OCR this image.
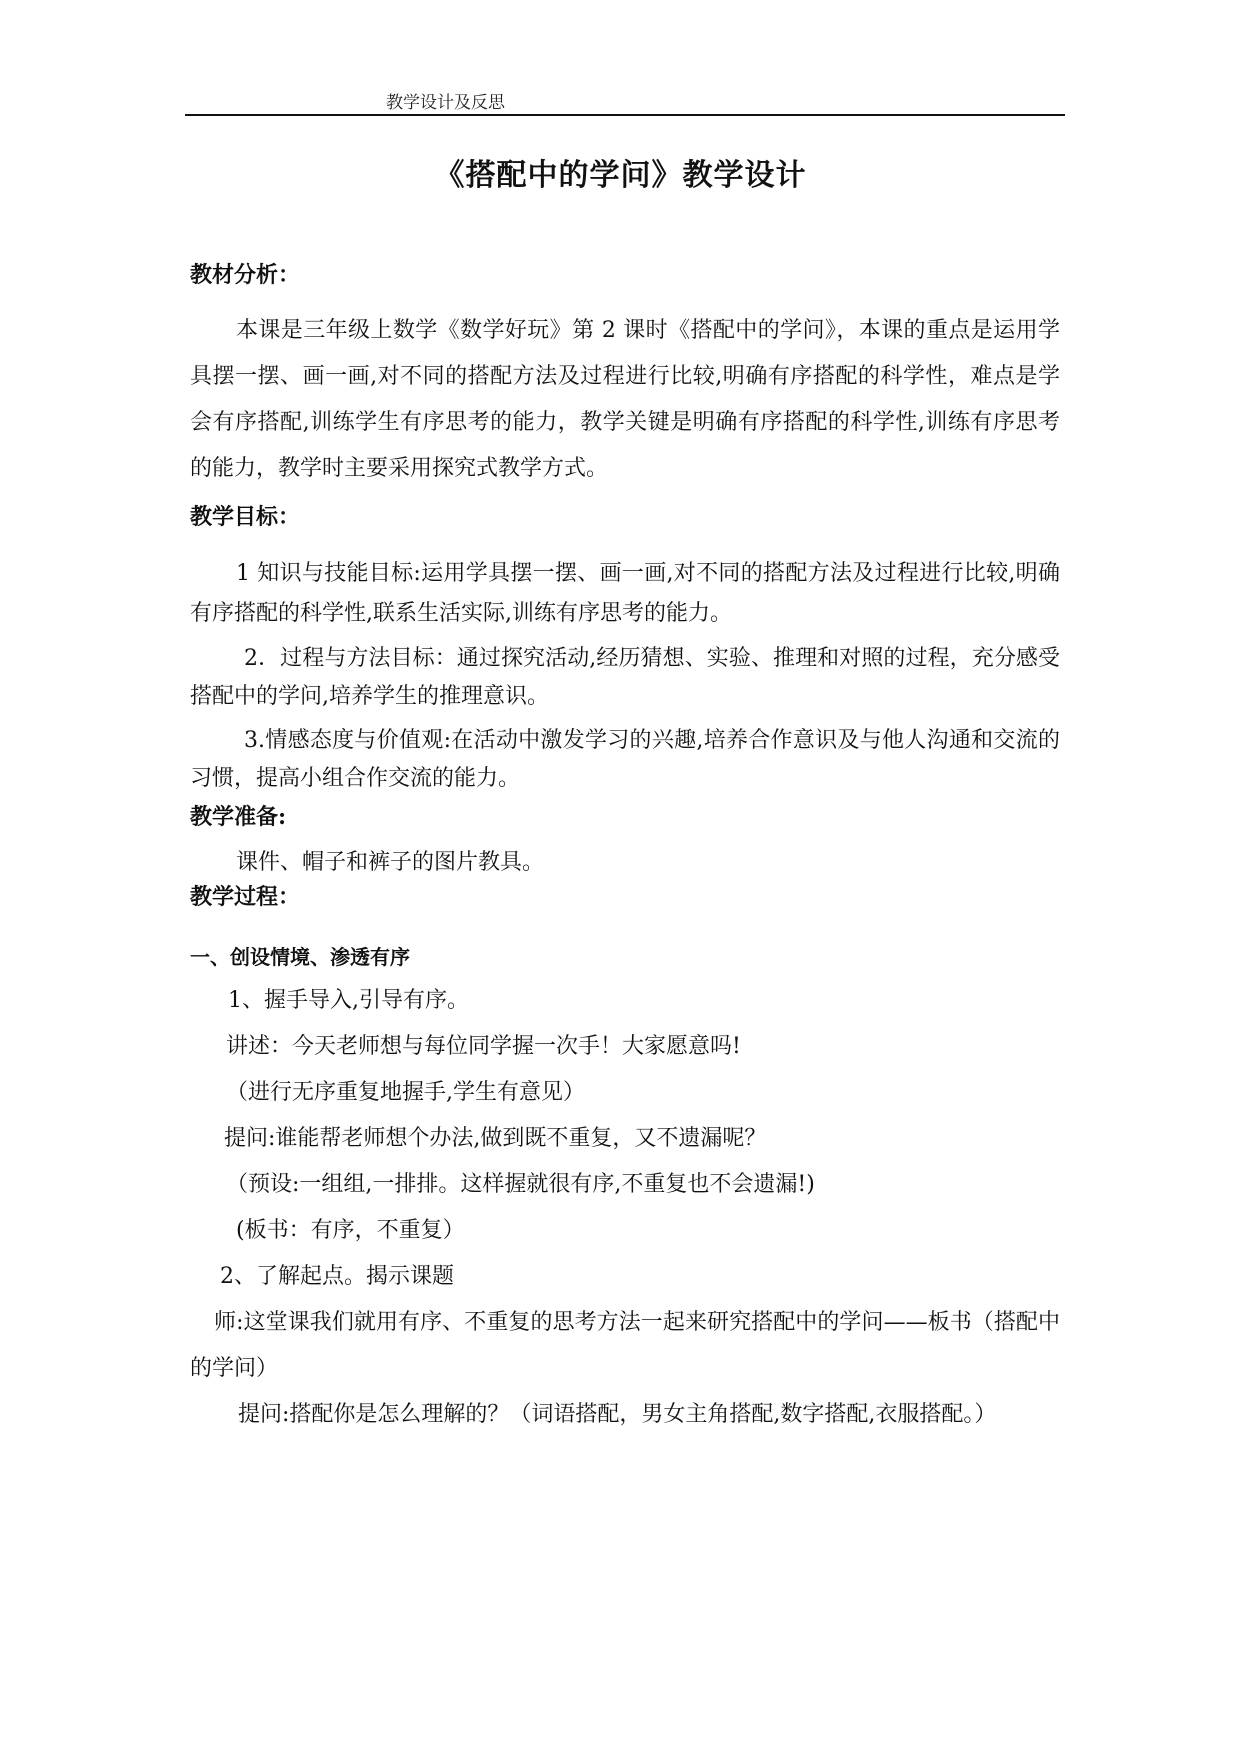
教学设计及反思
《搭配中的学问》教学设计
教材分析：
本课是三年级上数学《数学好玩》第 2 课时《搭配中的学问》，本课的重点是运用学具摆一摆、画一画,对不同的搭配方法及过程进行比较,明确有序搭配的科学性，难点是学会有序搭配,训练学生有序思考的能力，教学关键是明确有序搭配的科学性,训练有序思考的能力，教学时主要采用探究式教学方式。
教学目标：
1 知识与技能目标:运用学具摆一摆、画一画,对不同的搭配方法及过程进行比较,明确有序搭配的科学性,联系生活实际,训练有序思考的能力。
2．过程与方法目标：通过探究活动,经历猜想、实验、推理和对照的过程，充分感受搭配中的学问,培养学生的推理意识。
3.情感态度与价值观:在活动中激发学习的兴趣,培养合作意识及与他人沟通和交流的习惯，提高小组合作交流的能力。
教学准备:
课件、帽子和裤子的图片教具。
教学过程：
一、创设情境、渗透有序
1、握手导入,引导有序。
讲述：今天老师想与每位同学握一次手！大家愿意吗!
（进行无序重复地握手,学生有意见）
提问:谁能帮老师想个办法,做到既不重复，又不遗漏呢？
（预设:一组组,一排排。这样握就很有序,不重复也不会遗漏!)
(板书：有序，不重复）
2、了解起点。揭示课题
师:这堂课我们就用有序、不重复的思考方法一起来研究搭配中的学问——板书（搭配中的学问）
提问:搭配你是怎么理解的？（词语搭配，男女主角搭配,数字搭配,衣服搭配。）
